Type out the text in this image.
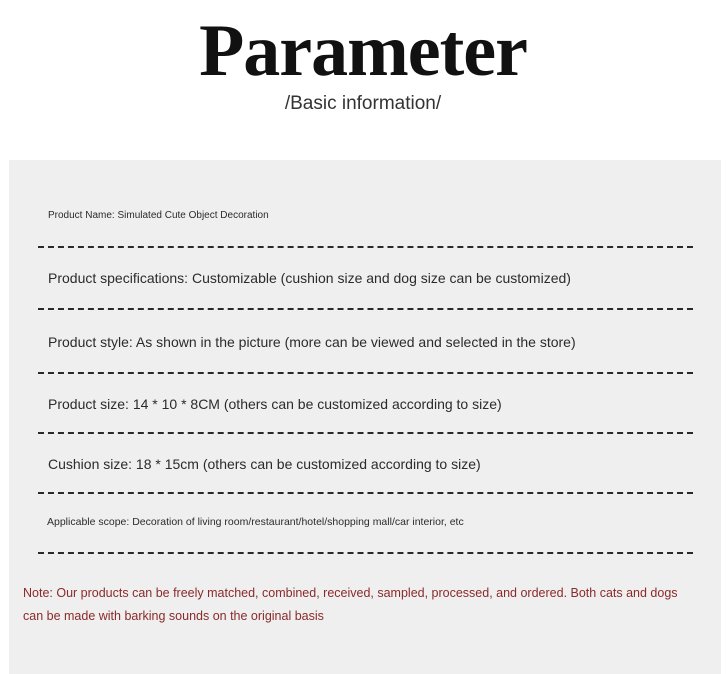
Parameter
/Basic information/
Product Name: Simulated Cute Object Decoration
Product specifications: Customizable (cushion size and dog size can be customized)
Product style: As shown in the picture (more can be viewed and selected in the store)
Product size: 14 * 10 * 8CM (others can be customized according to size)
Cushion size: 18 * 15cm (others can be customized according to size)
Applicable scope: Decoration of living room/restaurant/hotel/shopping mall/car interior, etc
Note: Our products can be freely matched, combined, received, sampled, processed, and ordered. Both cats and dogs can be made with barking sounds on the original basis
